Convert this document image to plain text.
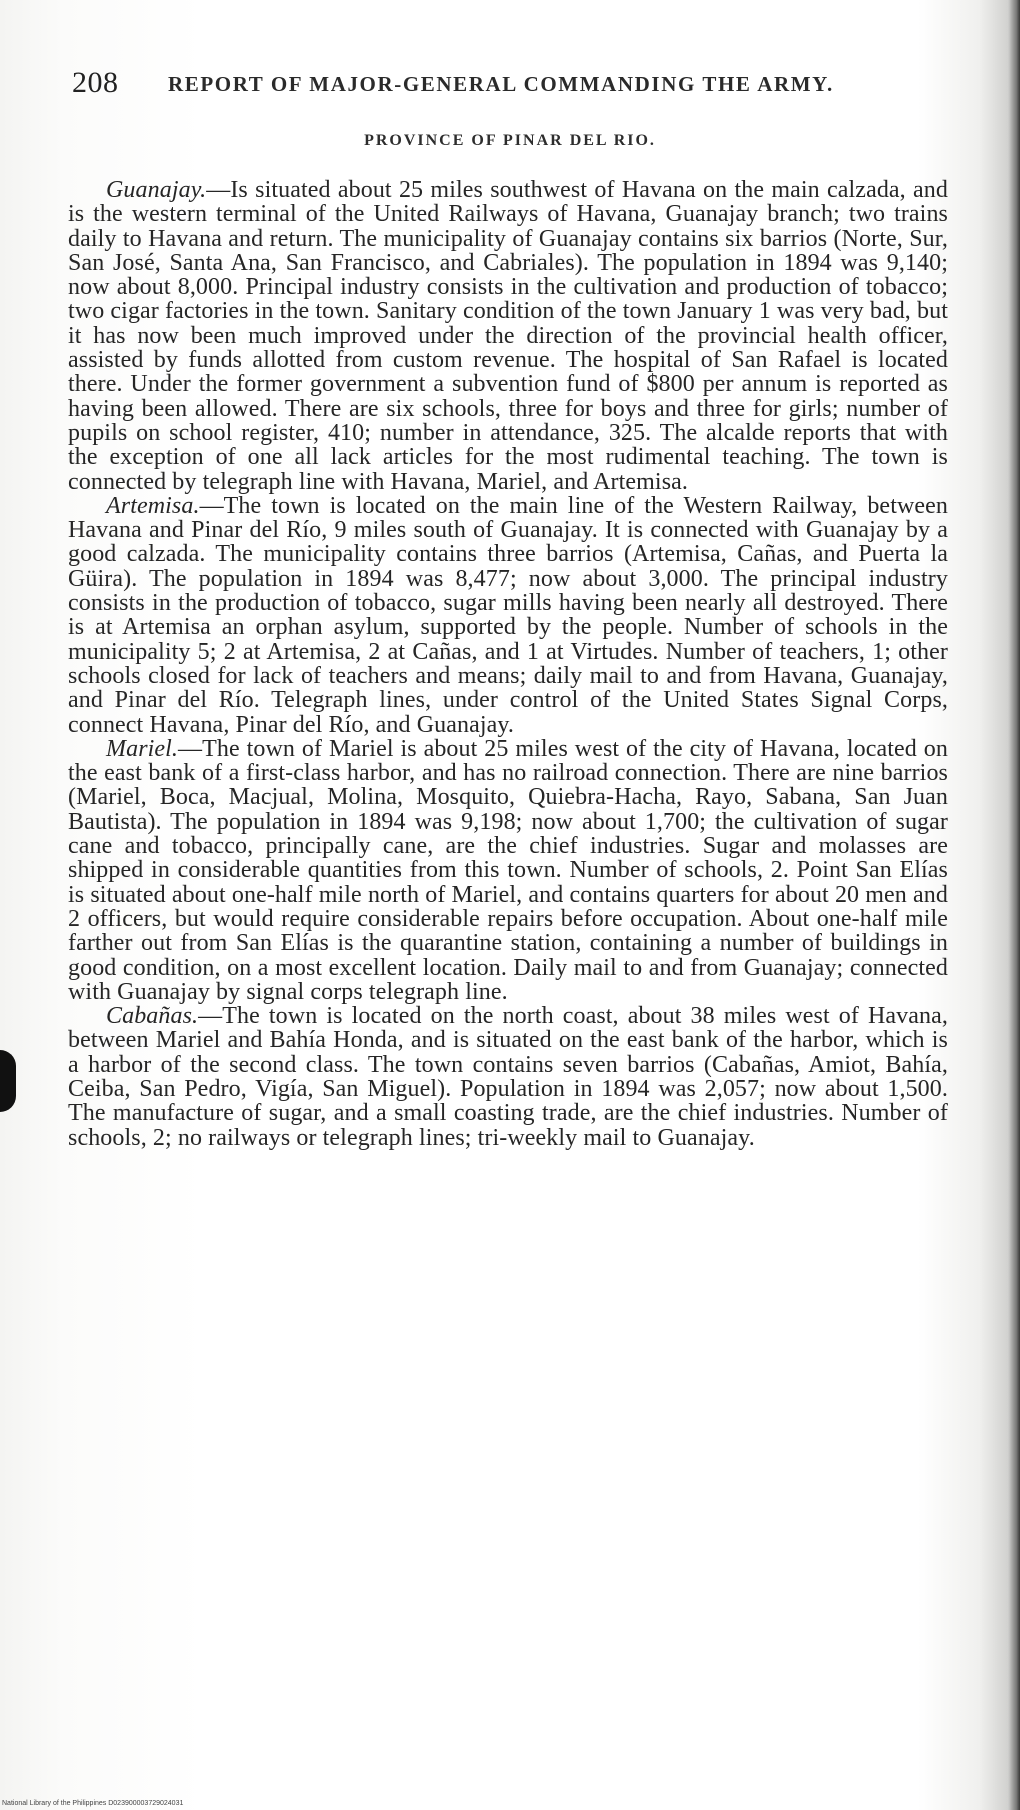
208 REPORT OF MAJOR-GENERAL COMMANDING THE ARMY.
PROVINCE OF PINAR DEL RIO.

Guanajay.—Is situated about 25 miles southwest of Havana on the main calzada, and is the western terminal of the United Railways of Havana, Guanajay branch; two trains daily to Havana and return. The municipality of Guanajay contains six barrios (Norte, Sur, San José, Santa Ana, San Francisco, and Cabriales). The population in 1894 was 9,140; now about 8,000. Principal industry consists in the cultivation and production of tobacco; two cigar factories in the town. Sanitary condition of the town January 1 was very bad, but it has now been much improved under the direction of the provincial health officer, assisted by funds allotted from custom revenue. The hospital of San Rafael is located there. Under the former government a subvention fund of $800 per annum is reported as having been allowed. There are six schools, three for boys and three for girls; number of pupils on school register, 410; number in attendance, 325. The alcalde reports that with the exception of one all lack articles for the most rudimental teaching. The town is connected by telegraph line with Havana, Mariel, and Artemisa.

Artemisa.—The town is located on the main line of the Western Railway, between Havana and Pinar del Río, 9 miles south of Guanajay. It is connected with Guanajay by a good calzada. The municipality contains three barrios (Artemisa, Cañas, and Puerta la Güira). The population in 1894 was 8,477; now about 3,000. The principal industry consists in the production of tobacco, sugar mills having been nearly all destroyed. There is at Artemisa an orphan asylum, supported by the people. Number of schools in the municipality 5; 2 at Artemisa, 2 at Cañas, and 1 at Virtudes. Number of teachers, 1; other schools closed for lack of teachers and means; daily mail to and from Havana, Guanajay, and Pinar del Río. Telegraph lines, under control of the United States Signal Corps, connect Havana, Pinar del Río, and Guanajay.

Mariel.—The town of Mariel is about 25 miles west of the city of Havana, located on the east bank of a first-class harbor, and has no railroad connection. There are nine barrios (Mariel, Boca, Macjual, Molina, Mosquito, Quiebra-Hacha, Rayo, Sabana, San Juan Bautista). The population in 1894 was 9,198; now about 1,700; the cultivation of sugar cane and tobacco, principally cane, are the chief industries. Sugar and molasses are shipped in considerable quantities from this town. Number of schools, 2. Point San Elías is situated about one-half mile north of Mariel, and contains quarters for about 20 men and 2 officers, but would require considerable repairs before occupation. About one-half mile farther out from San Elías is the quarantine station, containing a number of buildings in good condition, on a most excellent location. Daily mail to and from Guanajay; connected with Guanajay by signal corps telegraph line.

Cabañas.—The town is located on the north coast, about 38 miles west of Havana, between Mariel and Bahía Honda, and is situated on the east bank of the harbor, which is a harbor of the second class. The town contains seven barrios (Cabañas, Amiot, Bahía, Ceiba, San Pedro, Vigía, San Miguel). Population in 1894 was 2,057; now about 1,500. The manufacture of sugar, and a small coasting trade, are the chief industries. Number of schools, 2; no railways or telegraph lines; tri-weekly mail to Guanajay.

National Library of the Philippines D023900003729024031
